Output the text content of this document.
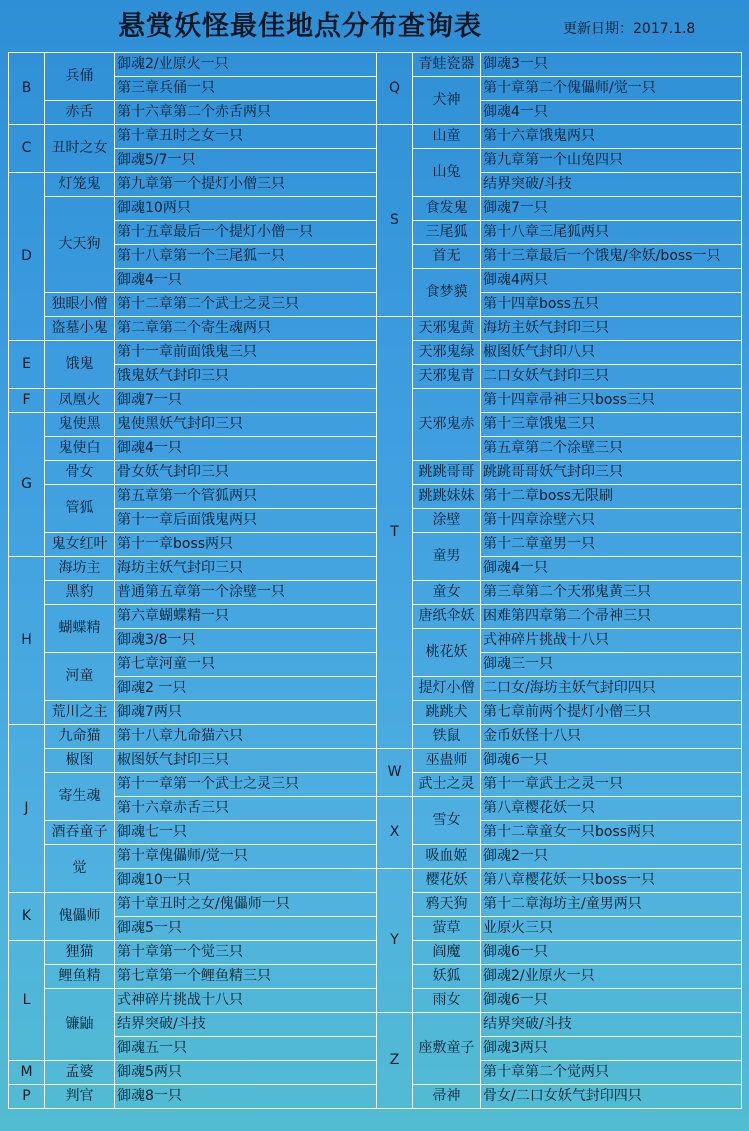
悬赏妖怪最佳地点分布查询表	更新日期：2017.1.8
B	兵俑	御魂2/业原火一只
		第三章兵俑一只
	赤舌	第十六章第二个赤舌两只
C	丑时之女	第十章丑时之女一只
		御魂5/7一只
D	灯笼鬼	第九章第一个提灯小僧三只
	大天狗	御魂10两只
		第十五章最后一个提灯小僧一只
		第十八章第一个三尾狐一只
		御魂4一只
	独眼小僧	第十二章第二个武士之灵三只
	盗墓小鬼	第二章第二个寄生魂两只
E	饿鬼	第十一章前面饿鬼三只
		饿鬼妖气封印三只
F	凤凰火	御魂7一只
G	鬼使黑	鬼使黑妖气封印三只
	鬼使白	御魂4一只
	骨女	骨女妖气封印三只
	管狐	第五章第一个管狐两只
		第十一章后面饿鬼两只
	鬼女红叶	第十一章boss两只
H	海坊主	海坊主妖气封印三只
	黑豹	普通第五章第一个涂壁一只
	蝴蝶精	第六章蝴蝶精一只
		御魂3/8一只
	河童	第七章河童一只
		御魂2 一只
	荒川之主	御魂7两只
J	九命猫	第十八章九命猫六只
	椒图	椒图妖气封印三只
	寄生魂	第十一章第一个武士之灵三只
		第十六章赤舌三只
	酒吞童子	御魂七一只
	觉	第十章傀儡师/觉一只
		御魂10一只
K	傀儡师	第十章丑时之女/傀儡师一只
		御魂5一只
L	狸猫	第十章第一个觉三只
	鲤鱼精	第七章第一个鲤鱼精三只
	镰鼬	式神碎片挑战十八只
		结界突破/斗技
		御魂五一只
M	孟婆	御魂5两只
P	判官	御魂8一只
Q	青蛙瓷器	御魂3一只
	犬神	第十章第二个傀儡师/觉一只
		御魂4一只
S	山童	第十六章饿鬼两只
	山兔	第九章第一个山兔四只
		结界突破/斗技
	食发鬼	御魂7一只
	三尾狐	第十八章三尾狐两只
	首无	第十三章最后一个饿鬼/伞妖/boss一只
	食梦貘	御魂4两只
		第十四章boss五只
T	天邪鬼黄	海坊主妖气封印三只
	天邪鬼绿	椒图妖气封印八只
	天邪鬼青	二口女妖气封印三只
	天邪鬼赤	第十四章帚神三只boss三只
		第十三章饿鬼三只
		第五章第二个涂壁三只
	跳跳哥哥	跳跳哥哥妖气封印三只
	跳跳妹妹	第十二章boss无限刷
	涂壁	第十四章涂壁六只
	童男	第十二章童男一只
		御魂4一只
	童女	第三章第二个天邪鬼黄三只
	唐纸伞妖	困难第四章第二个帚神三只
	桃花妖	式神碎片挑战十八只
		御魂三一只
	提灯小僧	二口女/海坊主妖气封印四只
	跳跳犬	第七章前两个提灯小僧三只
	铁鼠	金币妖怪十八只
W	巫蛊师	御魂6一只
	武士之灵	第十一章武士之灵一只
X	雪女	第八章樱花妖一只
		第十二章童女一只boss两只
	吸血姬	御魂2一只
Y	樱花妖	第八章樱花妖一只boss一只
	鸦天狗	第十二章海坊主/童男两只
	萤草	业原火三只
	阎魔	御魂6一只
	妖狐	御魂2/业原火一只
	雨女	御魂6一只
Z	座敷童子	结界突破/斗技
		御魂3两只
		第十章第二个觉两只
	帚神	骨女/二口女妖气封印四只
